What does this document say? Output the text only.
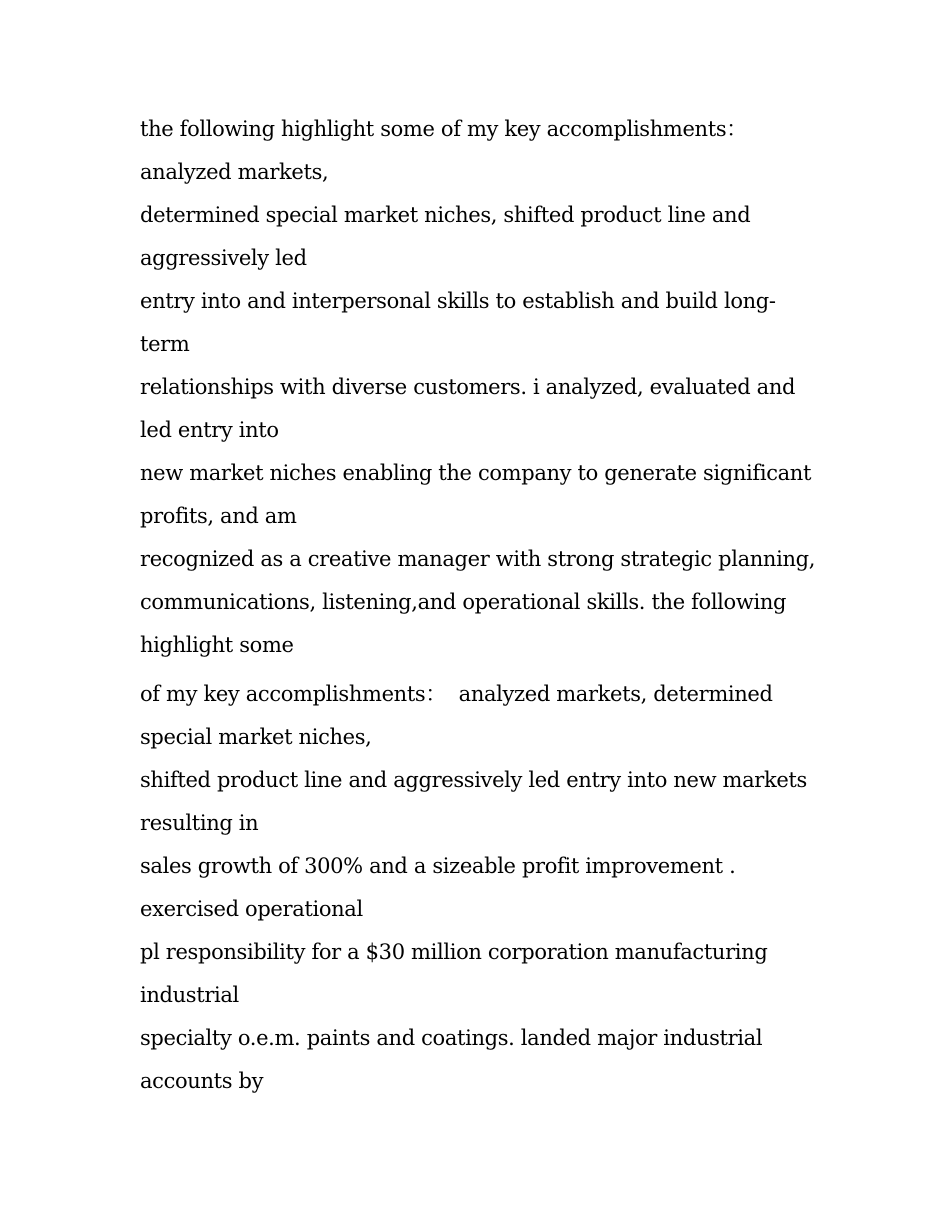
the following highlight some of my key accomplishments：
analyzed markets,
determined special market niches, shifted product line and
aggressively led
entry into and interpersonal skills to establish and build long-
term
relationships with diverse customers. i analyzed, evaluated and
led entry into
new market niches enabling the company to generate significant
profits, and am
recognized as a creative manager with strong strategic planning,
communications, listening,and operational skills. the following
highlight some
of my key accomplishments：  analyzed markets, determined
special market niches,
shifted product line and aggressively led entry into new markets
resulting in
sales growth of 300% and a sizeable profit improvement .
exercised operational
pl responsibility for a $30 million corporation manufacturing
industrial
specialty o.e.m. paints and coatings. landed major industrial
accounts by
